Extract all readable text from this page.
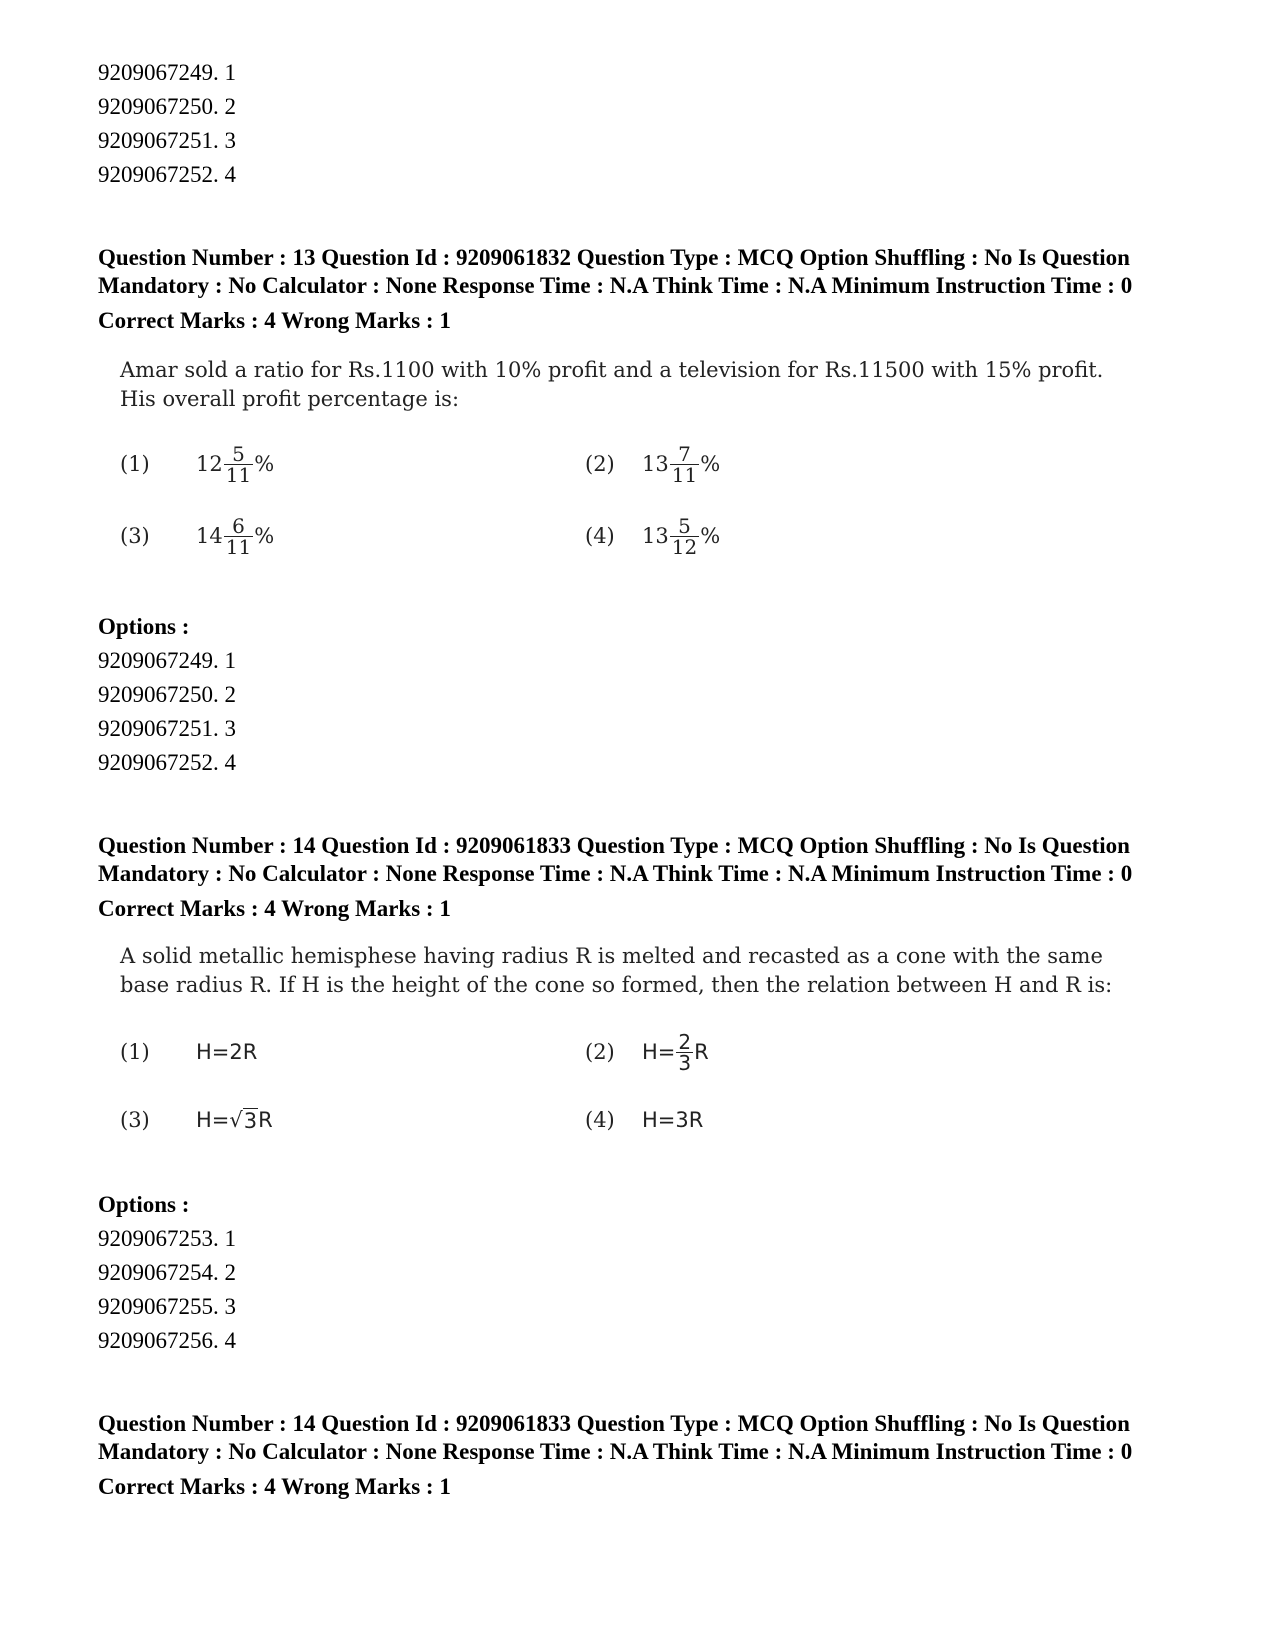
9209067249. 1
9209067250. 2
9209067251. 3
9209067252. 4
Question Number : 13 Question Id : 9209061832 Question Type : MCQ Option Shuffling : No Is Question Mandatory : No Calculator : None Response Time : N.A Think Time : N.A Minimum Instruction Time : 0
Correct Marks : 4 Wrong Marks : 1
Amar sold a ratio for Rs.1100 with 10% profit and a television for Rs.11500 with 15% profit. His overall profit percentage is:
(1)	$12 \frac{5}{11}$ %	(2)	$13 \frac{7}{11}$ %
(3)	$14 \frac{6}{11}$ %	(4)	$13 \frac{5}{12}$ %
Options :
9209067249. 1
9209067250. 2
9209067251. 3
9209067252. 4
Question Number : 14 Question Id : 9209061833 Question Type : MCQ Option Shuffling : No Is Question Mandatory : No Calculator : None Response Time : N.A Think Time : N.A Minimum Instruction Time : 0
Correct Marks : 4 Wrong Marks : 1
A solid metallic hemisphese having radius R is melted and recasted as a cone with the same base radius R. If H is the height of the cone so formed, then the relation between H and R is:
(1)	H=2R	(2)	$H= \frac{2}{3}$ R
(3)	H= √ 3 R	(4)	H=3R
Options :
9209067253. 1
9209067254. 2
9209067255. 3
9209067256. 4
Question Number : 14 Question Id : 9209061833 Question Type : MCQ Option Shuffling : No Is Question Mandatory : No Calculator : None Response Time : N.A Think Time : N.A Minimum Instruction Time : 0
Correct Marks : 4 Wrong Marks : 1
